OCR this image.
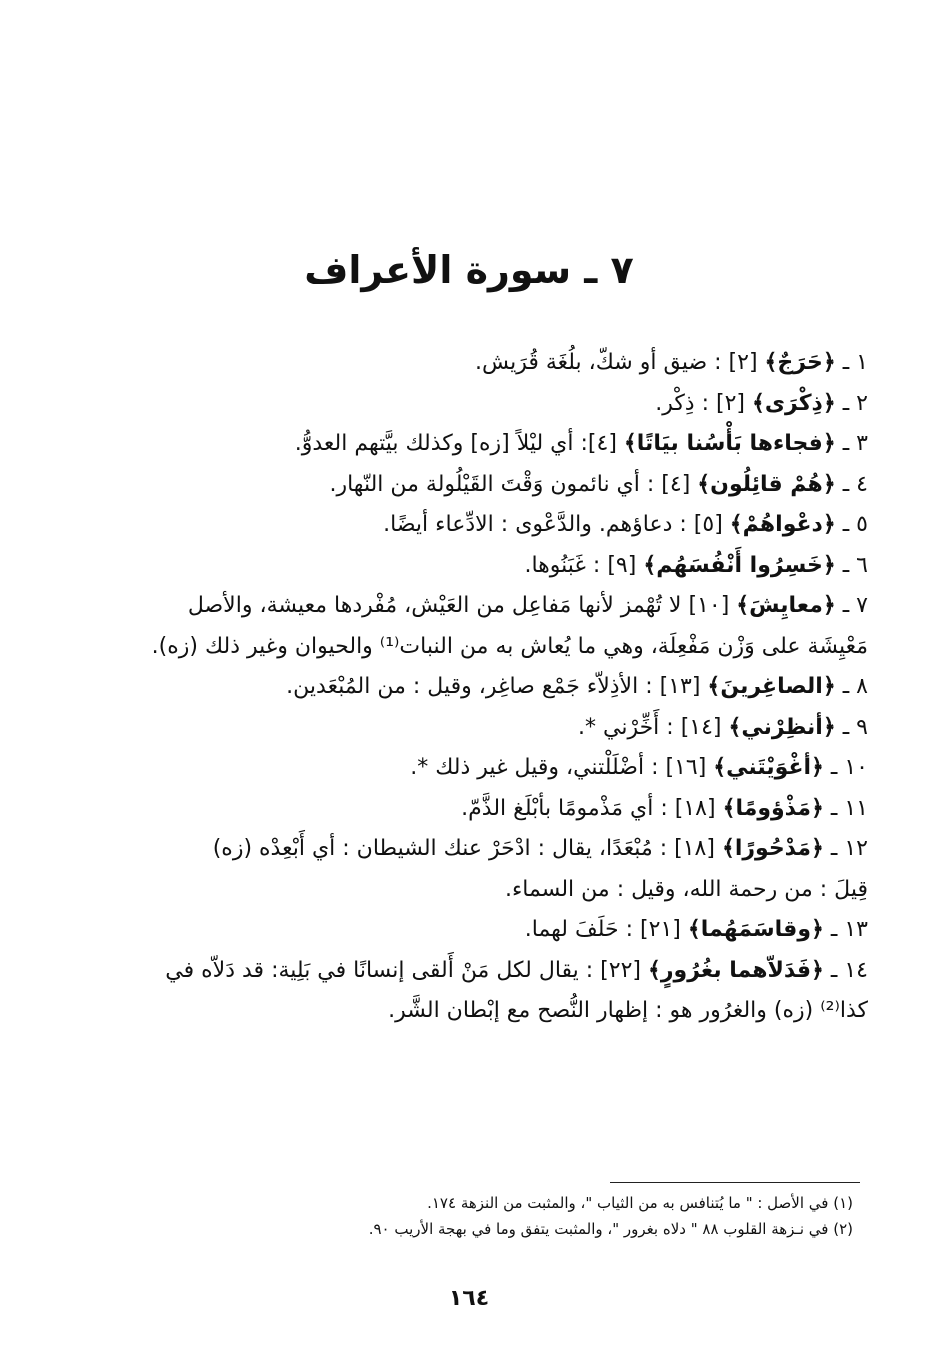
٧ ـ سورة الأعراف

١ ـ ﴿حَرَجٌ﴾ [٢] : ضيق أو شكّ، بلُغَة قُرَيش.

٢ ـ ﴿ذِكْرَى﴾ [٢] : ذِكْر.

٣ ـ ﴿فجاءها بَأْسُنا بيَاتًا﴾ [٤]: أي ليْلاً [زه] وكذلك بيَّتهم العدوُّ.

٤ ـ ﴿هُمْ قائِلُون﴾ [٤] : أي نائمون وَقْتَ القَيْلُولة من النّهار.

٥ ـ ﴿دعْواهُمْ﴾ [٥] : دعاؤهم. والدَّعْوى : الادِّعاء أيضًا.

٦ ـ ﴿خَسِرُوا أَنْفُسَهُم﴾ [٩] : غَبَنُوها.

٧ ـ ﴿معايِشَ﴾ [١٠] لا تُهْمز لأنها مَفاعِل من العَيْش، مُفْردها معيشة، والأصل
مَعْيِشَة على وَزْن مَفْعِلَة، وهي ما يُعاش به من النبات⁽¹⁾ والحيوان وغير ذلك (زه).

٨ ـ ﴿الصاغِرينَ﴾ [١٣] : الأذِلاّء جَمْع صاغِر، وقيل : من المُبْعَدين.

٩ ـ ﴿أنظِرْني﴾ [١٤] : أَخِّرْني *.

١٠ ـ ﴿أغْوَيْتَني﴾ [١٦] : أضْلَلْتني، وقيل غير ذلك *.

١١ ـ ﴿مَذْؤومًا﴾ [١٨] : أي مَذْمومًا بأبْلَغ الذَّمّ.

١٢ ـ ﴿مَدْحُورًا﴾ [١٨] : مُبْعَدًا، يقال : ادْحَرْ عنك الشيطان : أي أَبْعِدْه (زه)
قِيلَ : من رحمة الله، وقيل : من السماء.

١٣ ـ ﴿وقاسَمَهُما﴾ [٢١] : حَلَفَ لهما.

١٤ ـ ﴿فَدَلاّهما بغُرُورٍ﴾ [٢٢] : يقال لكل مَنْ أَلقى إنسانًا في بَلِية: قد دَلاّه في
كذا⁽²⁾ (زه) والغرُور هو : إظهار النُّصح مع إبْطان الشَّر.

(١) في الأصل : " ما يُتنافس به من الثياب "، والمثبت من النزهة ١٧٤.
(٢) في نـزهة القلوب ٨٨ " دلاه بغرور "، والمثبت يتفق وما في بهجة الأريب ٩٠.
١٦٤
